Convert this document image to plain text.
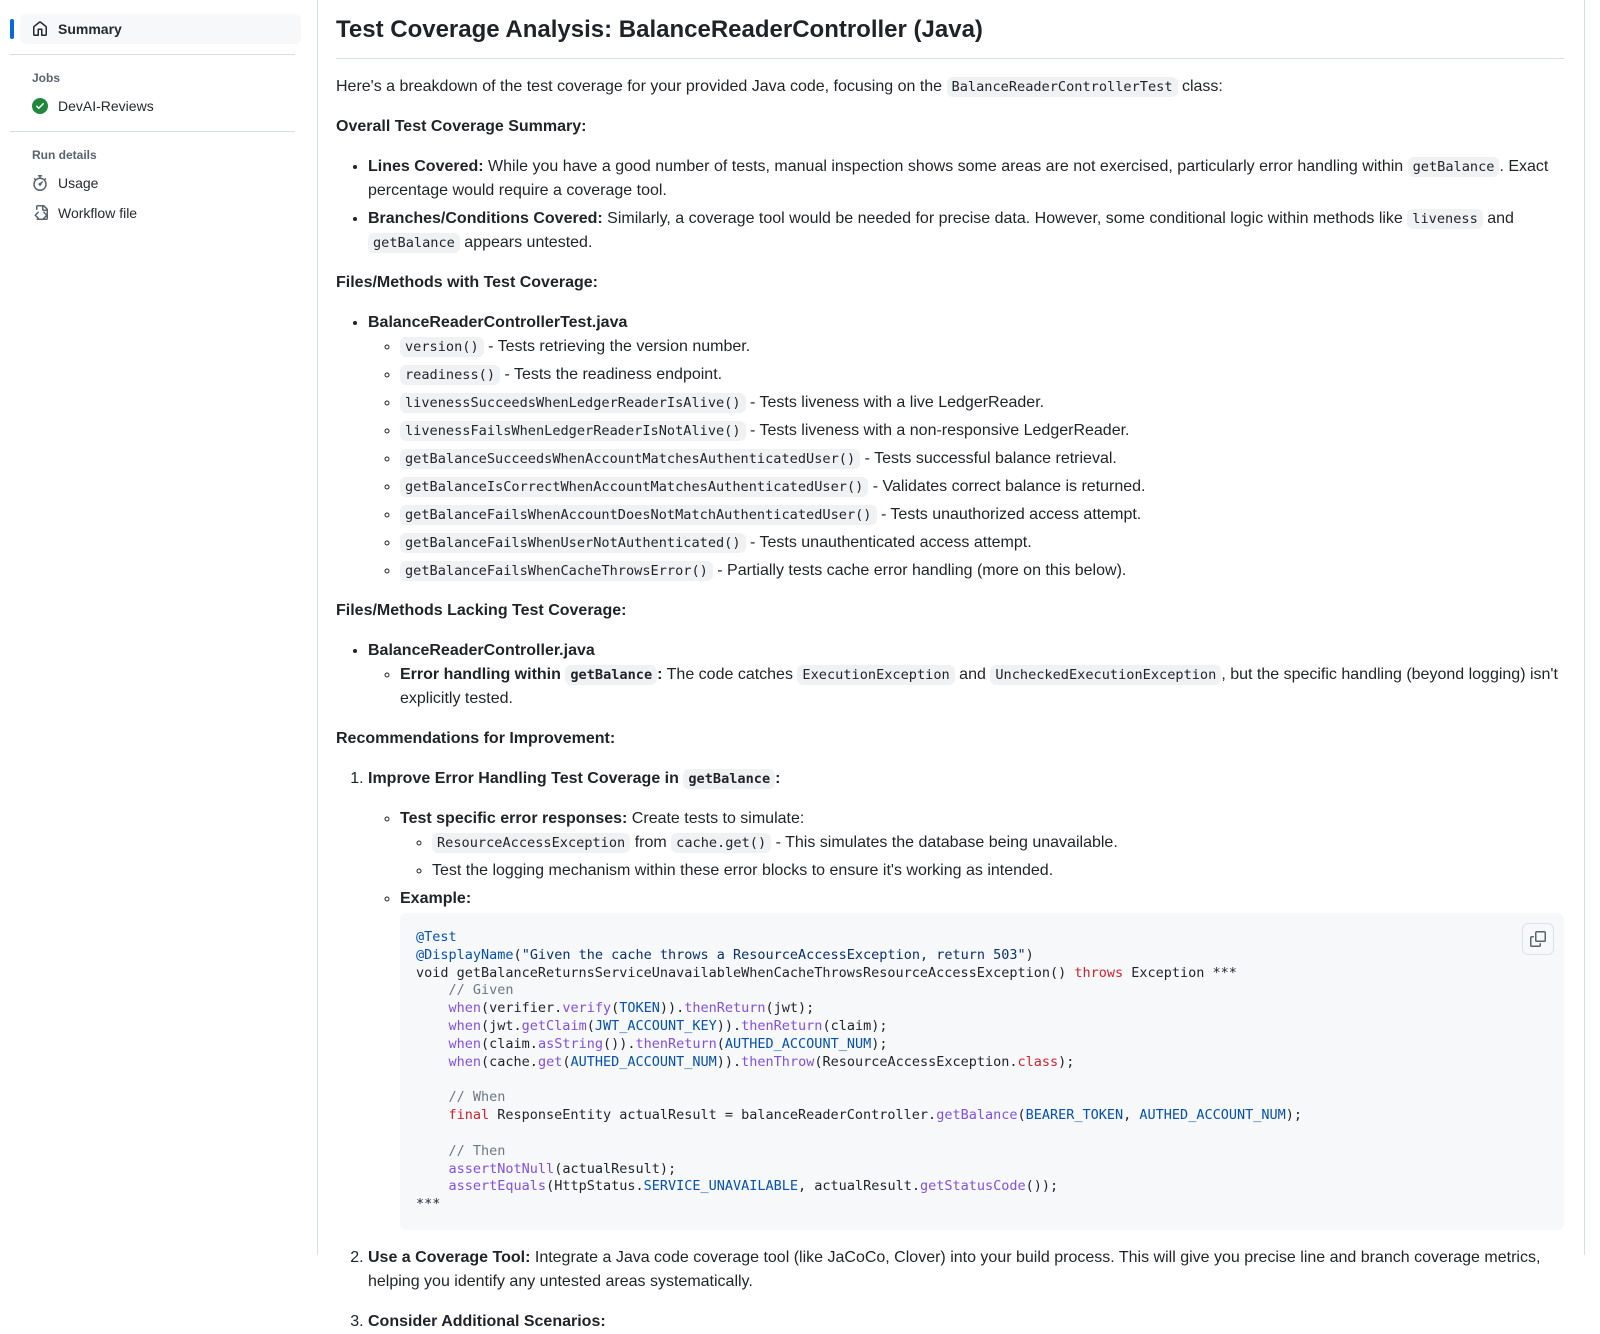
Summary
Jobs
DevAI-Reviews
Run details
Usage
Workflow file
Test Coverage Analysis: BalanceReaderController (Java)

Here's a breakdown of the test coverage for your provided Java code, focusing on the BalanceReaderControllerTest class:

Overall Test Coverage Summary:

• Lines Covered: While you have a good number of tests, manual inspection shows some areas are not exercised, particularly error handling within getBalance . Exact percentage would require a coverage tool.
• Branches/Conditions Covered: Similarly, a coverage tool would be needed for precise data. However, some conditional logic within methods like liveness and getBalance appears untested.

Files/Methods with Test Coverage:

• BalanceReaderControllerTest.java
◦ version() - Tests retrieving the version number.
◦ readiness() - Tests the readiness endpoint.
◦ livenessSucceedsWhenLedgerReaderIsAlive() - Tests liveness with a live LedgerReader.
◦ livenessFailsWhenLedgerReaderIsNotAlive() - Tests liveness with a non-responsive LedgerReader.
◦ getBalanceSucceedsWhenAccountMatchesAuthenticatedUser() - Tests successful balance retrieval.
◦ getBalanceIsCorrectWhenAccountMatchesAuthenticatedUser() - Validates correct balance is returned.
◦ getBalanceFailsWhenAccountDoesNotMatchAuthenticatedUser() - Tests unauthorized access attempt.
◦ getBalanceFailsWhenUserNotAuthenticated() - Tests unauthenticated access attempt.
◦ getBalanceFailsWhenCacheThrowsError() - Partially tests cache error handling (more on this below).

Files/Methods Lacking Test Coverage:

• BalanceReaderController.java
◦ Error handling within getBalance : The code catches ExecutionException and UncheckedExecutionException , but the specific handling (beyond logging) isn't explicitly tested.

Recommendations for Improvement:

1. Improve Error Handling Test Coverage in getBalance :

◦ Test specific error responses: Create tests to simulate:
◦ ResourceAccessException from cache.get() - This simulates the database being unavailable.
◦ Test the logging mechanism within these error blocks to ensure it's working as intended.
◦ Example:
@Test
@DisplayName("Given the cache throws a ResourceAccessException, return 503")
void getBalanceReturnsServiceUnavailableWhenCacheThrowsResourceAccessException() throws Exception ***
// Given
when(verifier.verify(TOKEN)).thenReturn(jwt);
when(jwt.getClaim(JWT_ACCOUNT_KEY)).thenReturn(claim);
when(claim.asString()).thenReturn(AUTHED_ACCOUNT_NUM);
when(cache.get(AUTHED_ACCOUNT_NUM)).thenThrow(ResourceAccessException.class);

// When
final ResponseEntity actualResult = balanceReaderController.getBalance(BEARER_TOKEN, AUTHED_ACCOUNT_NUM);

// Then
assertNotNull(actualResult);
assertEquals(HttpStatus.SERVICE_UNAVAILABLE, actualResult.getStatusCode());
***

2. Use a Coverage Tool: Integrate a Java code coverage tool (like JaCoCo, Clover) into your build process. This will give you precise line and branch coverage metrics, helping you identify any untested areas systematically.

3. Consider Additional Scenarios:
